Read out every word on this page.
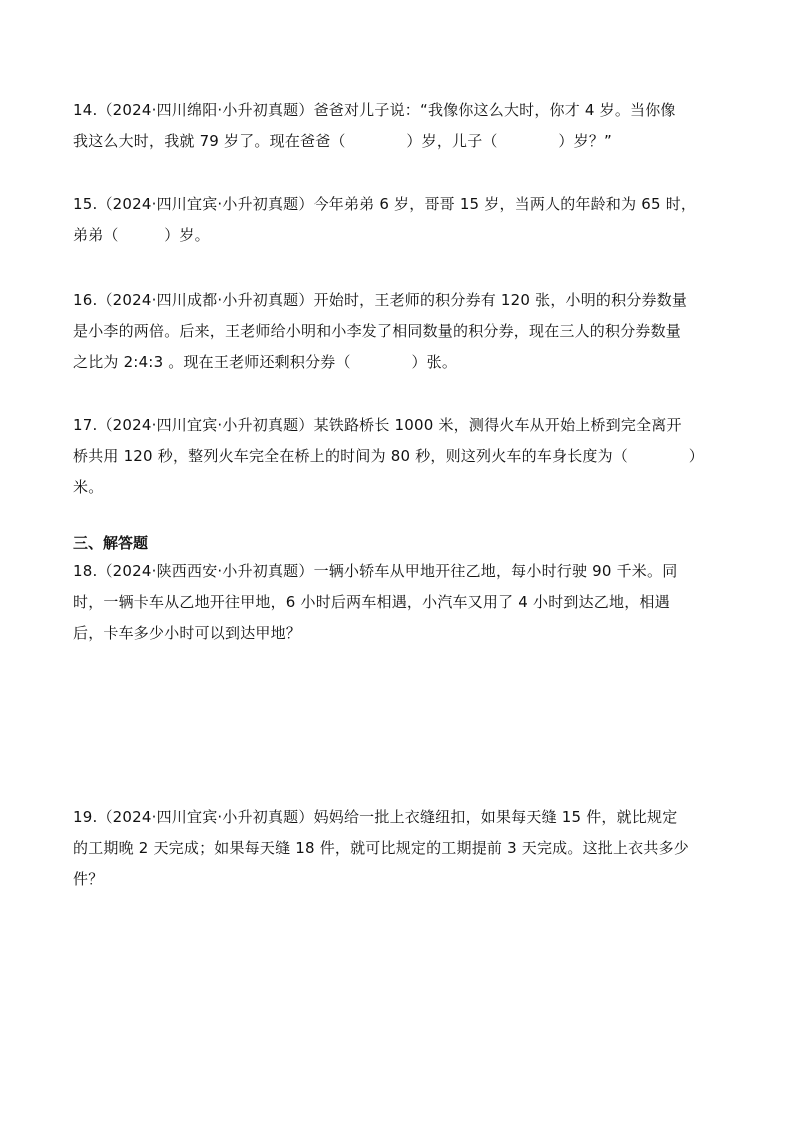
14.（2024·四川绵阳·小升初真题）爸爸对儿子说：“我像你这么大时，你才 4 岁。当你像
我这么大时，我就 79 岁了。现在爸爸（　　　　）岁，儿子（　　　　）岁？”
15.（2024·四川宜宾·小升初真题）今年弟弟 6 岁，哥哥 15 岁，当两人的年龄和为 65 时，
弟弟（　　　）岁。
16.（2024·四川成都·小升初真题）开始时，王老师的积分券有 120 张，小明的积分券数量
是小李的两倍。后来，王老师给小明和小李发了相同数量的积分券，现在三人的积分券数量
之比为 2:4:3 。现在王老师还剩积分券（　　　　）张。
17.（2024·四川宜宾·小升初真题）某铁路桥长 1000 米，测得火车从开始上桥到完全离开
桥共用 120 秒，整列火车完全在桥上的时间为 80 秒，则这列火车的车身长度为（　　　　）
米。
三、解答题
18.（2024·陕西西安·小升初真题）一辆小轿车从甲地开往乙地，每小时行驶 90 千米。同
时，一辆卡车从乙地开往甲地，6 小时后两车相遇，小汽车又用了 4 小时到达乙地，相遇
后，卡车多少小时可以到达甲地？
19.（2024·四川宜宾·小升初真题）妈妈给一批上衣缝纽扣，如果每天缝 15 件，就比规定
的工期晚 2 天完成；如果每天缝 18 件，就可比规定的工期提前 3 天完成。这批上衣共多少
件？
